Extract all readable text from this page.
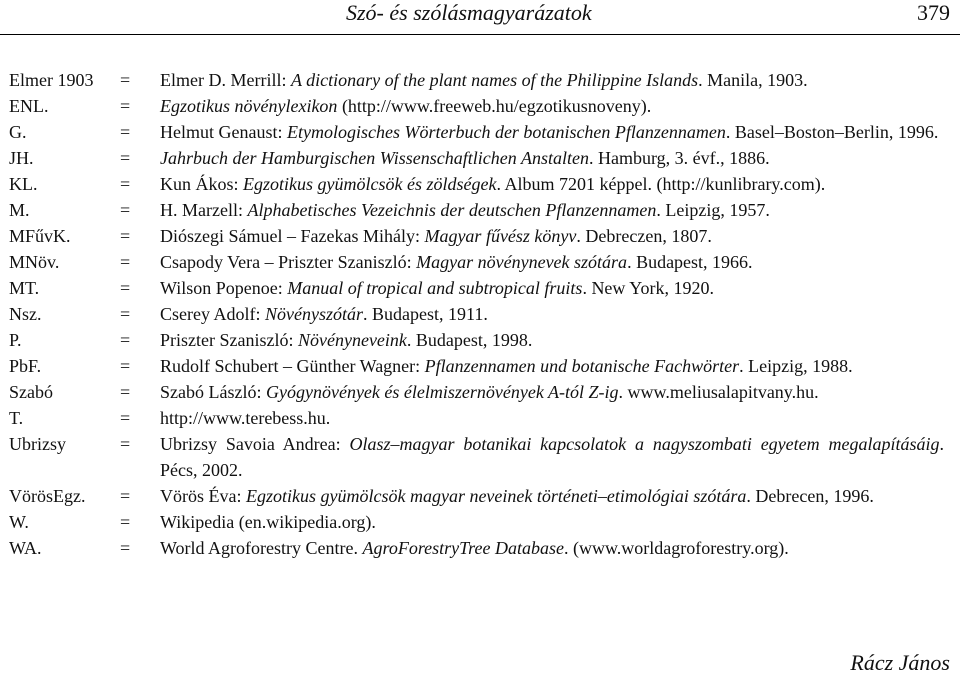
Szó- és szólásmagyarázatok	379
Elmer 1903 = Elmer D. Merrill: A dictionary of the plant names of the Philippine Islands. Manila, 1903.
ENL.	= Egzotikus növénylexikon (http://www.freeweb.hu/egzotikusnoveny).
G.	= Helmut Genaust: Etymologisches Wörterbuch der botanischen Pflanzennamen. Basel–Boston–Berlin, 1996.
JH.	= Jahrbuch der Hamburgischen Wissenschaftlichen Anstalten. Hamburg, 3. évf., 1886.
KL.	= Kun Ákos: Egzotikus gyümölcsök és zöldségek. Album 7201 képpel. (http://kunlibrary.com).
M.	= H. Marzell: Alphabetisches Vezeichnis der deutschen Pflanzennamen. Leipzig, 1957.
MFűvK.	= Diószegi Sámuel – Fazekas Mihály: Magyar fűvész könyv. Debreczen, 1807.
MNöv.	= Csapody Vera – Priszter Szaniszló: Magyar növénynevek szótára. Budapest, 1966.
MT.	= Wilson Popenoe: Manual of tropical and subtropical fruits. New York, 1920.
Nsz.	= Cserey Adolf: Növényszótár. Budapest, 1911.
P.	= Priszter Szaniszló: Növényneveink. Budapest, 1998.
PbF.	= Rudolf Schubert – Günther Wagner: Pflanzennamen und botanische Fachwörter. Leipzig, 1988.
Szabó	= Szabó László: Gyógynövények és élelmiszernövények A-tól Z-ig. www.meliusalapitvany.hu.
T.	= http://www.terebess.hu.
Ubrizsy	= Ubrizsy Savoia Andrea: Olasz–magyar botanikai kapcsolatok a nagyszombati egyetem megalapításáig. Pécs, 2002.
VörösEgz. = Vörös Éva: Egzotikus gyümölcsök magyar neveinek történeti–etimológiai szótára. Debrecen, 1996.
W.	= Wikipedia (en.wikipedia.org).
WA.	= World Agroforestry Centre. AgroForestryTree Database. (www.worldagroforestry.org).
Rácz János
